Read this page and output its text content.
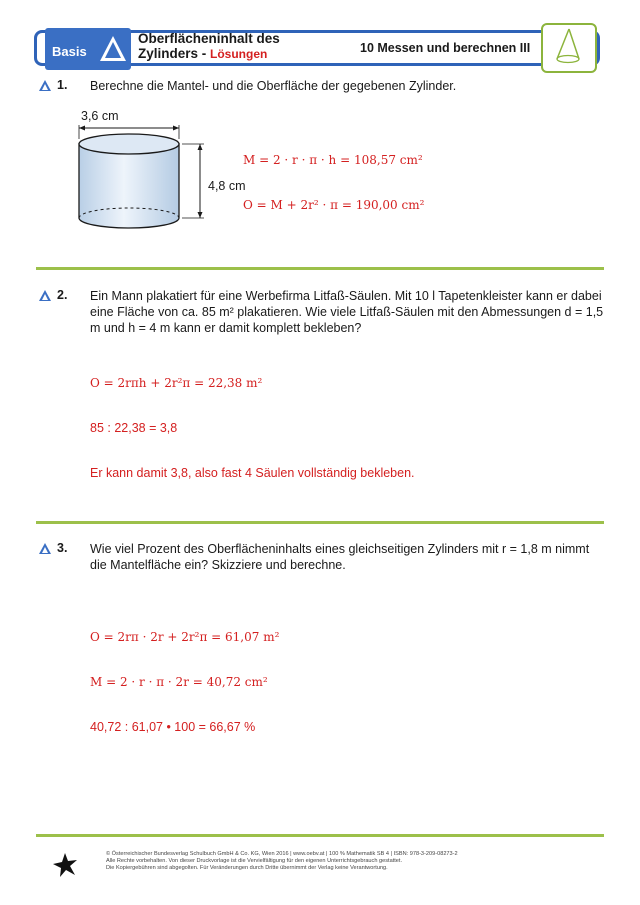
Basis
Oberflächeninhalt des
Zylinders - Lösungen	10 Messen und berechnen III
1. Berechne die Mantel- und die Oberfläche der gegebenen Zylinder.
3,6 cm
4,8 cm

M = 2 · r · π · h = 108,57 cm²

O = M + 2r² · π = 190,00 cm²

2. Ein Mann plakatiert für eine Werbefirma Litfaß-Säulen. Mit 10 l Tapetenkleister kann er dabei
eine Fläche von ca. 85 m² plakatieren. Wie viele Litfaß-Säulen mit den Abmessungen d = 1,5
m und h = 4 m kann er damit komplett bekleben?

O = 2rπh + 2r²π = 22,38 m²

85 : 22,38 = 3,8

Er kann damit 3,8, also fast 4 Säulen vollständig bekleben.

3. Wie viel Prozent des Oberflächeninhalts eines gleichseitigen Zylinders mit r = 1,8 m nimmt
die Mantelfläche ein? Skizziere und berechne.

O = 2rπ · 2r + 2r²π = 61,07 m²

M = 2 · r · π · 2r = 40,72 cm²

40,72 : 61,07 • 100 = 66,67 %

© Österreichischer Bundesverlag Schulbuch GmbH & Co. KG, Wien 2016 | www.oebv.at | 100 % Mathematik SB 4 | ISBN: 978-3-209-08273-2
Alle Rechte vorbehalten. Von dieser Druckvorlage ist die Vervielfältigung für den eigenen Unterrichtsgebrauch gestattet.
Die Kopiergebühren sind abgegolten. Für Veränderungen durch Dritte übernimmt der Verlag keine Verantwortung.
